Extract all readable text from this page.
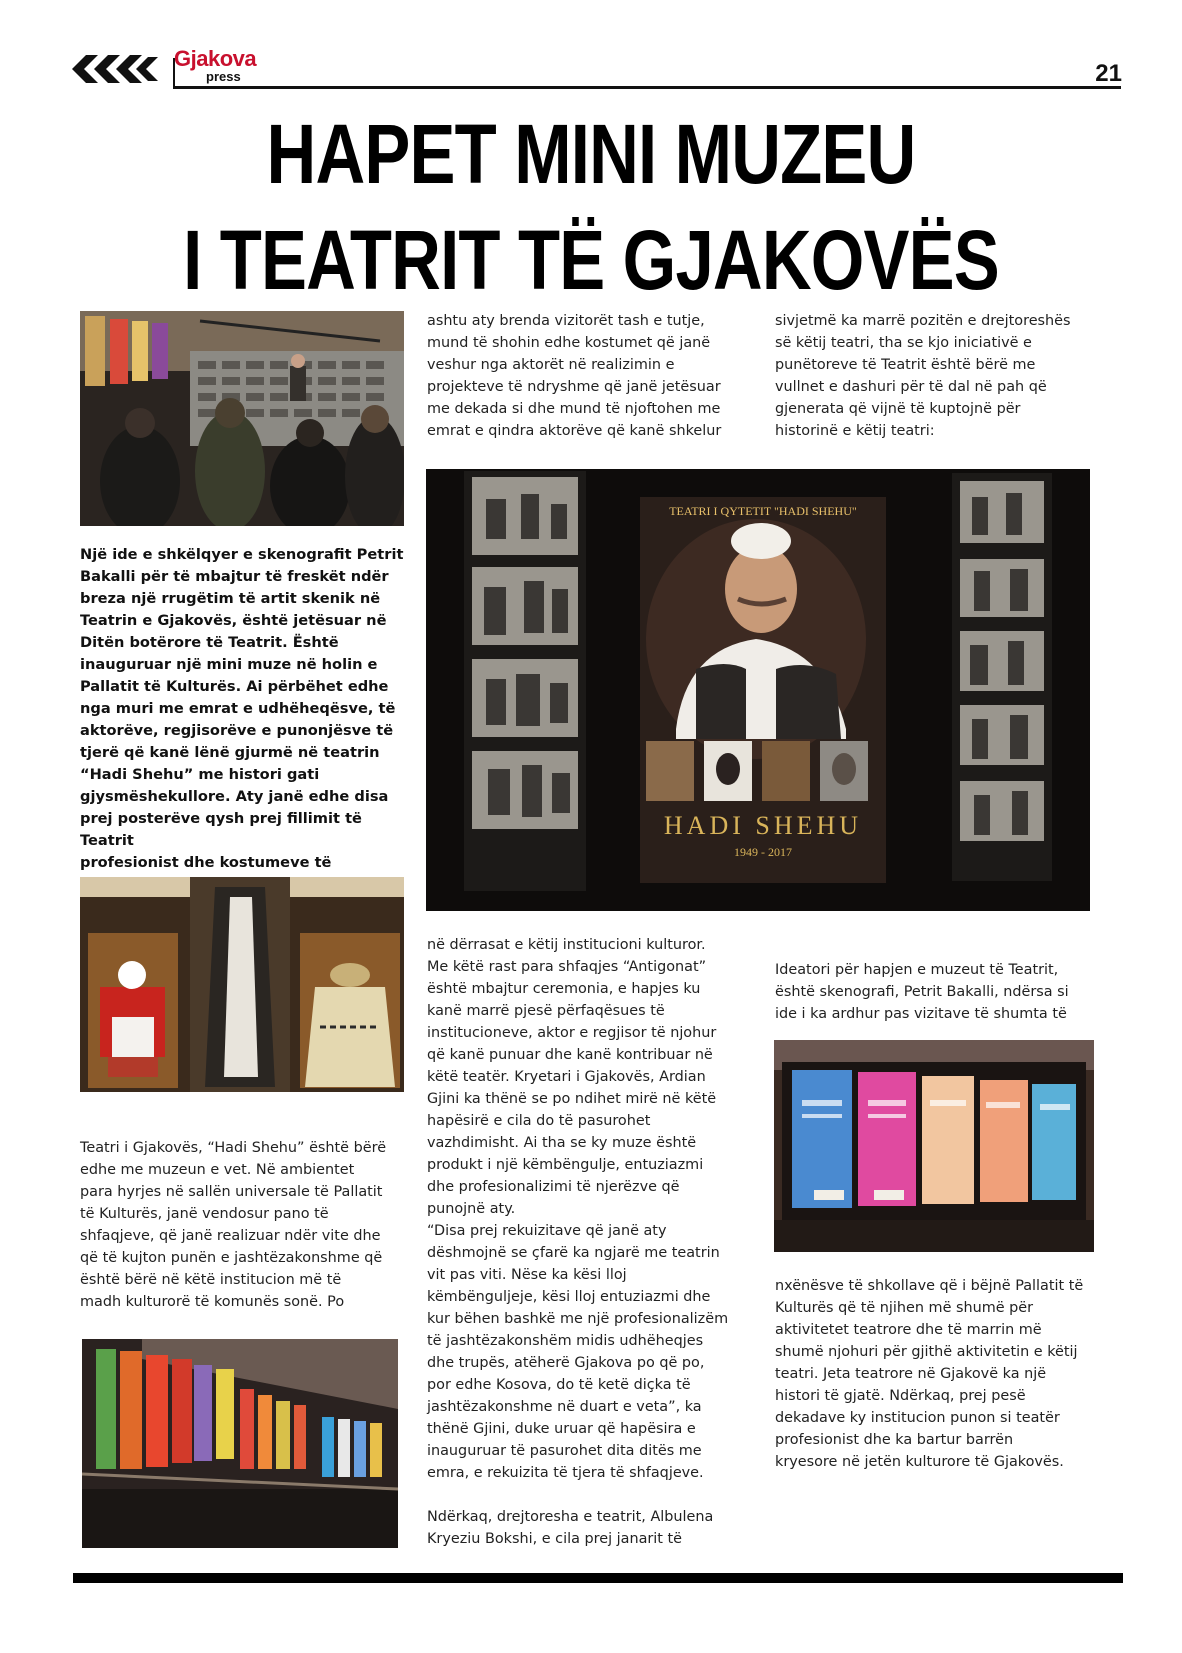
Gjakova
press	21
HAPET MINI MUZEU
I TEATRIT TË GJAKOVËS
Një ide e shkëlqyer e skenografit Petrit
Bakalli për të mbajtur të freskët ndër
breza një rrugëtim të artit skenik në
Teatrin e Gjakovës, është jetësuar në
Ditën botërore të Teatrit. Është
inauguruar një mini muze në holin e
Pallatit të Kulturës. Ai përbëhet edhe
nga muri me emrat e udhëheqësve, të
aktorëve, regjisorëve e punonjësve të
tjerë që kanë lënë gjurmë në teatrin
“Hadi Shehu” me histori gati
gjysmëshekullore. Aty janë edhe disa
prej posterëve qysh prej fillimit të Teatrit
profesionist dhe kostumeve të
ashtu aty brenda vizitorët tash e tutje,
mund të shohin edhe kostumet që janë
veshur nga aktorët në realizimin e
projekteve të ndryshme që janë jetësuar
me dekada si dhe mund të njoftohen me
emrat e qindra aktorëve që kanë shkelur
sivjetmë ka marrë pozitën e drejtoreshës
së këtij teatri, tha se kjo iniciativë e
punëtoreve të Teatrit është bërë me
vullnet e dashuri për të dal në pah që
gjenerata që vijnë të kuptojnë për
historinë e këtij teatri:
TEATRI I QYTETIT "HADI SHEHU"
HADI SHEHU
1949 - 2017
Teatri i Gjakovës, “Hadi Shehu” është bërë
edhe me muzeun e vet. Në ambientet
para hyrjes në sallën universale të Pallatit
të Kulturës, janë vendosur pano të
shfaqjeve, që janë realizuar ndër vite dhe
që të kujton punën e jashtëzakonshme që
është bërë në këtë institucion më të
madh kulturorë të komunës sonë. Po
në dërrasat e këtij institucioni kulturor.
Me këtë rast para shfaqjes “Antigonat”
është mbajtur ceremonia, e hapjes ku
kanë marrë pjesë përfaqësues të
institucioneve, aktor e regjisor të njohur
që kanë punuar dhe kanë kontribuar në
këtë teatër. Kryetari i Gjakovës, Ardian
Gjini ka thënë se po ndihet mirë në këtë
hapësirë e cila do të pasurohet
vazhdimisht. Ai tha se ky muze është
produkt i një këmbëngulje, entuziazmi
dhe profesionalizimi të njerëzve që
punojnë aty.
“Disa prej rekuizitave që janë aty
dëshmojnë se çfarë ka ngjarë me teatrin
vit pas viti. Nëse ka kësi lloj
këmbënguljeje, kësi lloj entuziazmi dhe
kur bëhen bashkë me një profesionalizëm
të jashtëzakonshëm midis udhëheqjes
dhe trupës, atëherë Gjakova po që po,
por edhe Kosova, do të ketë diçka të
jashtëzakonshme në duart e veta”, ka
thënë Gjini, duke uruar që hapësira e
inauguruar të pasurohet dita ditës me
emra, e rekuizita të tjera të shfaqjeve.

Ndërkaq, drejtoresha e teatrit, Albulena
Kryeziu Bokshi, e cila prej janarit të
Ideatori për hapjen e muzeut të Teatrit,
është skenografi, Petrit Bakalli, ndërsa si
ide i ka ardhur pas vizitave të shumta të
nxënësve të shkollave që i bëjnë Pallatit të
Kulturës që të njihen më shumë për
aktivitetet teatrore dhe të marrin më
shumë njohuri për gjithë aktivitetin e këtij
teatri. Jeta teatrore në Gjakovë ka një
histori të gjatë. Ndërkaq, prej pesë
dekadave ky institucion punon si teatër
profesionist dhe ka bartur barrën
kryesore në jetën kulturore të Gjakovës.
